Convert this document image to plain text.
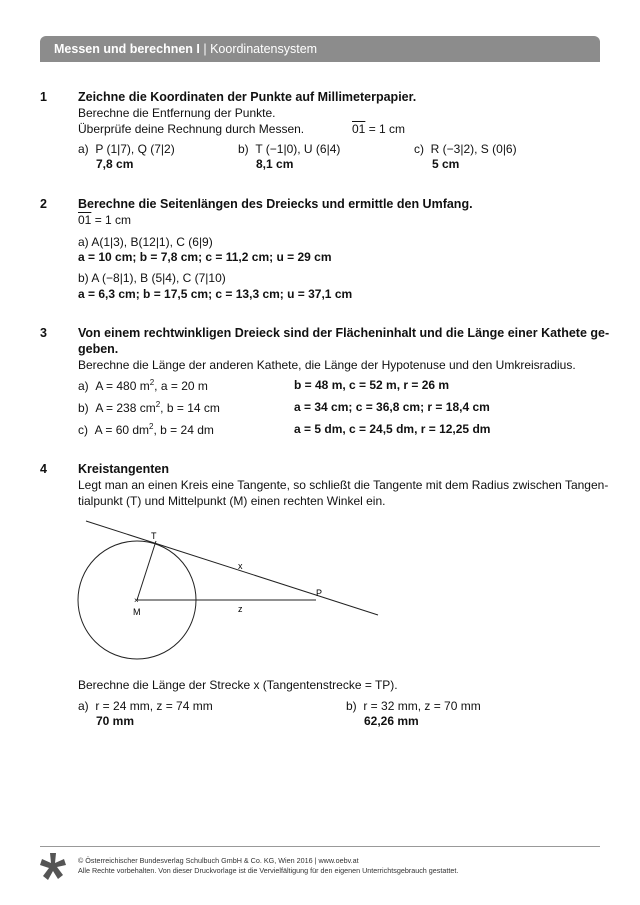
Messen und berechnen I | Koordinatensystem
1 Zeichne die Koordinaten der Punkte auf Millimeterpapier.
Berechne die Entfernung der Punkte.
Überprüfe deine Rechnung durch Messen.	01 = 1 cm
a) P (1|7), Q (7|2)
7,8 cm
b) T (−1|0), U (6|4)
8,1 cm
c) R (−3|2), S (0|6)
5 cm
2 Berechne die Seitenlängen des Dreiecks und ermittle den Umfang.
01 = 1 cm
a) A(1|3), B(12|1), C (6|9)
a = 10 cm; b = 7,8 cm; c = 11,2 cm; u = 29 cm
b) A (−8|1), B (5|4), C (7|10)
a = 6,3 cm; b = 17,5 cm; c = 13,3 cm; u = 37,1 cm
3 Von einem rechtwinkligen Dreieck sind der Flächeninhalt und die Länge einer Kathete ge-
geben.
Berechne die Länge der anderen Kathete, die Länge der Hypotenuse und den Umkreisradius.
a) A = 480 $m^2$, a = 20 m	b = 48 m, c = 52 m, r = 26 m
b) A = 238 $cm^2$, b = 14 cm	a = 34 cm; c = 36,8 cm; r = 18,4 cm
c) A = 60 $dm^2$, b = 24 dm	a = 5 dm, c = 24,5 dm, r = 12,25 dm
4 Kreistangenten
Legt man an einen Kreis eine Tangente, so schließt die Tangente mit dem Radius zwischen Tangen-
tialpunkt (T) und Mittelpunkt (M) einen rechten Winkel ein.
T
M
P
x
z
×
Berechne die Länge der Strecke x (Tangentenstrecke = TP).
a) r = 24 mm, z = 74 mm
70 mm
b) r = 32 mm, z = 70 mm
62,26 mm
© Österreichischer Bundesverlag Schulbuch GmbH & Co. KG, Wien 2016 | www.oebv.at
Alle Rechte vorbehalten. Von dieser Druckvorlage ist die Vervielfältigung für den eigenen Unterrichtsgebrauch gestattet.
